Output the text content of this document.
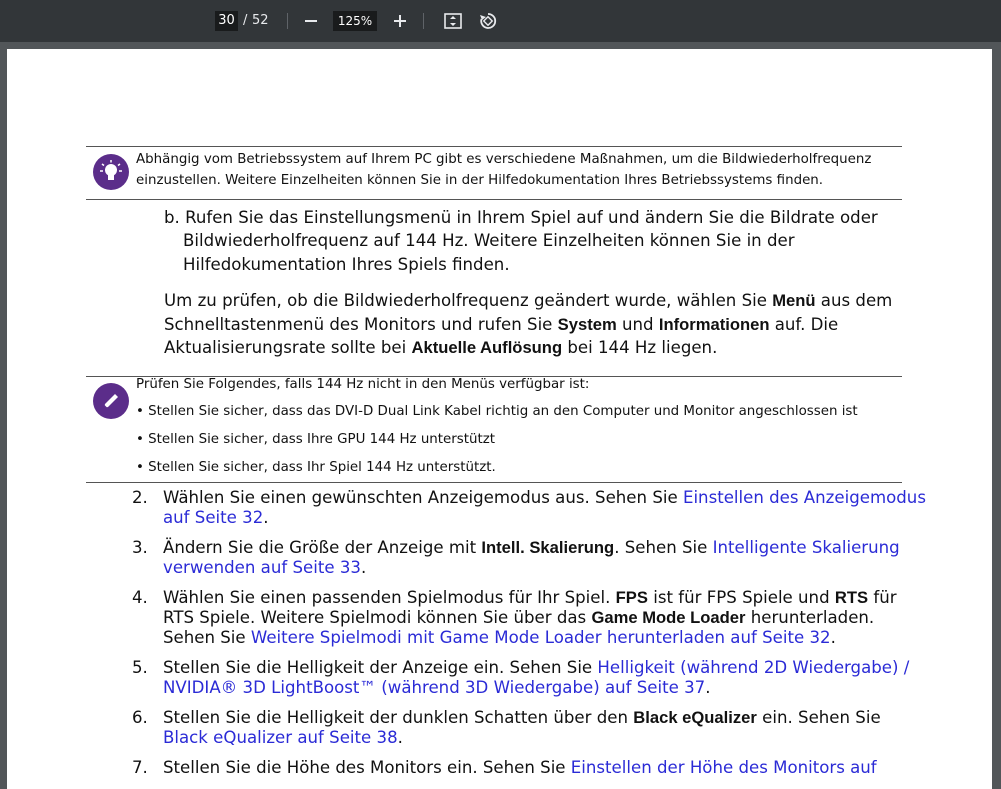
30 / 52	125%
Abhängig vom Betriebssystem auf Ihrem PC gibt es verschiedene Maßnahmen, um die Bildwiederholfrequenz
einzustellen. Weitere Einzelheiten können Sie in der Hilfedokumentation Ihres Betriebssystems finden.
b. Rufen Sie das Einstellungsmenü in Ihrem Spiel auf und ändern Sie die Bildrate oder
Bildwiederholfrequenz auf 144 Hz. Weitere Einzelheiten können Sie in der
Hilfedokumentation Ihres Spiels finden.
Um zu prüfen, ob die Bildwiederholfrequenz geändert wurde, wählen Sie Menü aus dem
Schnelltastenmenü des Monitors und rufen Sie System und Informationen auf. Die
Aktualisierungsrate sollte bei Aktuelle Auflösung bei 144 Hz liegen.
Prüfen Sie Folgendes, falls 144 Hz nicht in den Menüs verfügbar ist:
• Stellen Sie sicher, dass das DVI-D Dual Link Kabel richtig an den Computer und Monitor angeschlossen ist
• Stellen Sie sicher, dass Ihre GPU 144 Hz unterstützt
• Stellen Sie sicher, dass Ihr Spiel 144 Hz unterstützt.
2. Wählen Sie einen gewünschten Anzeigemodus aus. Sehen Sie Einstellen des Anzeigemodus
auf Seite 32.
3. Ändern Sie die Größe der Anzeige mit Intell. Skalierung. Sehen Sie Intelligente Skalierung
verwenden auf Seite 33.
4. Wählen Sie einen passenden Spielmodus für Ihr Spiel. FPS ist für FPS Spiele und RTS für
RTS Spiele. Weitere Spielmodi können Sie über das Game Mode Loader herunterladen.
Sehen Sie Weitere Spielmodi mit Game Mode Loader herunterladen auf Seite 32.
5. Stellen Sie die Helligkeit der Anzeige ein. Sehen Sie Helligkeit (während 2D Wiedergabe) /
NVIDIA® 3D LightBoost™ (während 3D Wiedergabe) auf Seite 37.
6. Stellen Sie die Helligkeit der dunklen Schatten über den Black eQualizer ein. Sehen Sie
Black eQualizer auf Seite 38.
7. Stellen Sie die Höhe des Monitors ein. Sehen Sie Einstellen der Höhe des Monitors auf
